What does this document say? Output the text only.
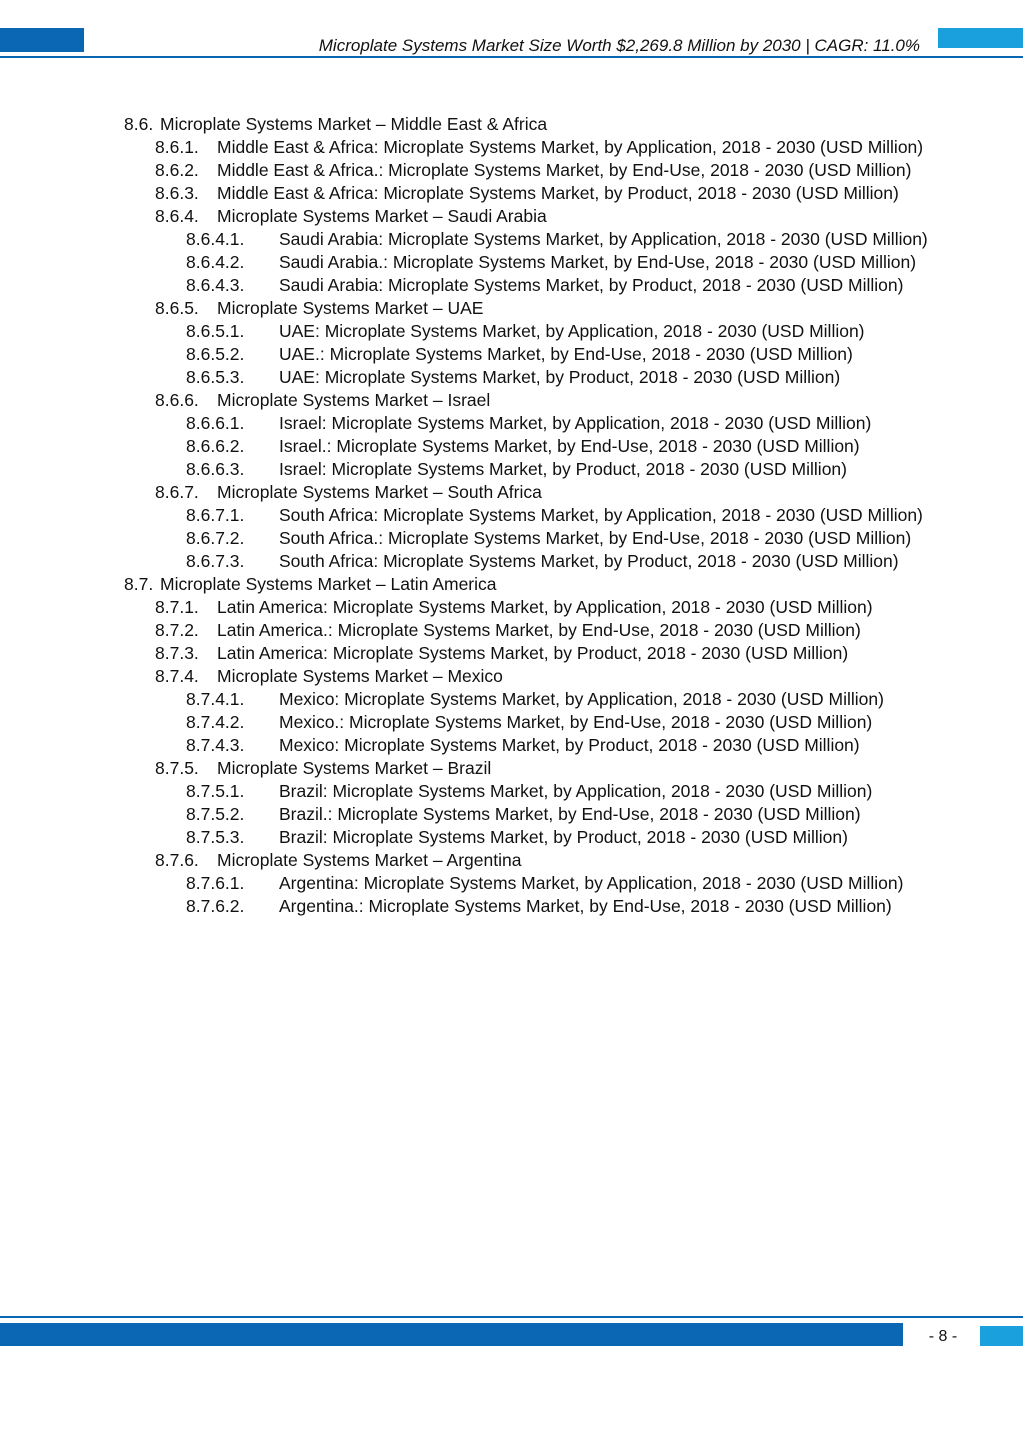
Microplate Systems Market Size Worth $2,269.8 Million by 2030 | CAGR: 11.0%
8.6. Microplate Systems Market – Middle East & Africa
8.6.1.	Middle East & Africa: Microplate Systems Market, by Application, 2018 - 2030 (USD Million)
8.6.2.	Middle East & Africa.: Microplate Systems Market, by End-Use, 2018 - 2030 (USD Million)
8.6.3.	Middle East & Africa: Microplate Systems Market, by Product, 2018 - 2030 (USD Million)
8.6.4.	Microplate Systems Market – Saudi Arabia
8.6.4.1.	Saudi Arabia: Microplate Systems Market, by Application, 2018 - 2030 (USD Million)
8.6.4.2.	Saudi Arabia.: Microplate Systems Market, by End-Use, 2018 - 2030 (USD Million)
8.6.4.3.	Saudi Arabia: Microplate Systems Market, by Product, 2018 - 2030 (USD Million)
8.6.5.	Microplate Systems Market – UAE
8.6.5.1.	UAE: Microplate Systems Market, by Application, 2018 - 2030 (USD Million)
8.6.5.2.	UAE.: Microplate Systems Market, by End-Use, 2018 - 2030 (USD Million)
8.6.5.3.	UAE: Microplate Systems Market, by Product, 2018 - 2030 (USD Million)
8.6.6.	Microplate Systems Market – Israel
8.6.6.1.	Israel: Microplate Systems Market, by Application, 2018 - 2030 (USD Million)
8.6.6.2.	Israel.: Microplate Systems Market, by End-Use, 2018 - 2030 (USD Million)
8.6.6.3.	Israel: Microplate Systems Market, by Product, 2018 - 2030 (USD Million)
8.6.7.	Microplate Systems Market – South Africa
8.6.7.1.	South Africa: Microplate Systems Market, by Application, 2018 - 2030 (USD Million)
8.6.7.2.	South Africa.: Microplate Systems Market, by End-Use, 2018 - 2030 (USD Million)
8.6.7.3.	South Africa: Microplate Systems Market, by Product, 2018 - 2030 (USD Million)
8.7. Microplate Systems Market – Latin America
8.7.1.	Latin America: Microplate Systems Market, by Application, 2018 - 2030 (USD Million)
8.7.2.	Latin America.: Microplate Systems Market, by End-Use, 2018 - 2030 (USD Million)
8.7.3.	Latin America: Microplate Systems Market, by Product, 2018 - 2030 (USD Million)
8.7.4.	Microplate Systems Market – Mexico
8.7.4.1.	Mexico: Microplate Systems Market, by Application, 2018 - 2030 (USD Million)
8.7.4.2.	Mexico.: Microplate Systems Market, by End-Use, 2018 - 2030 (USD Million)
8.7.4.3.	Mexico: Microplate Systems Market, by Product, 2018 - 2030 (USD Million)
8.7.5.	Microplate Systems Market – Brazil
8.7.5.1.	Brazil: Microplate Systems Market, by Application, 2018 - 2030 (USD Million)
8.7.5.2.	Brazil.: Microplate Systems Market, by End-Use, 2018 - 2030 (USD Million)
8.7.5.3.	Brazil: Microplate Systems Market, by Product, 2018 - 2030 (USD Million)
8.7.6.	Microplate Systems Market – Argentina
8.7.6.1.	Argentina: Microplate Systems Market, by Application, 2018 - 2030 (USD Million)
8.7.6.2.	Argentina.: Microplate Systems Market, by End-Use, 2018 - 2030 (USD Million)
- 8 -
